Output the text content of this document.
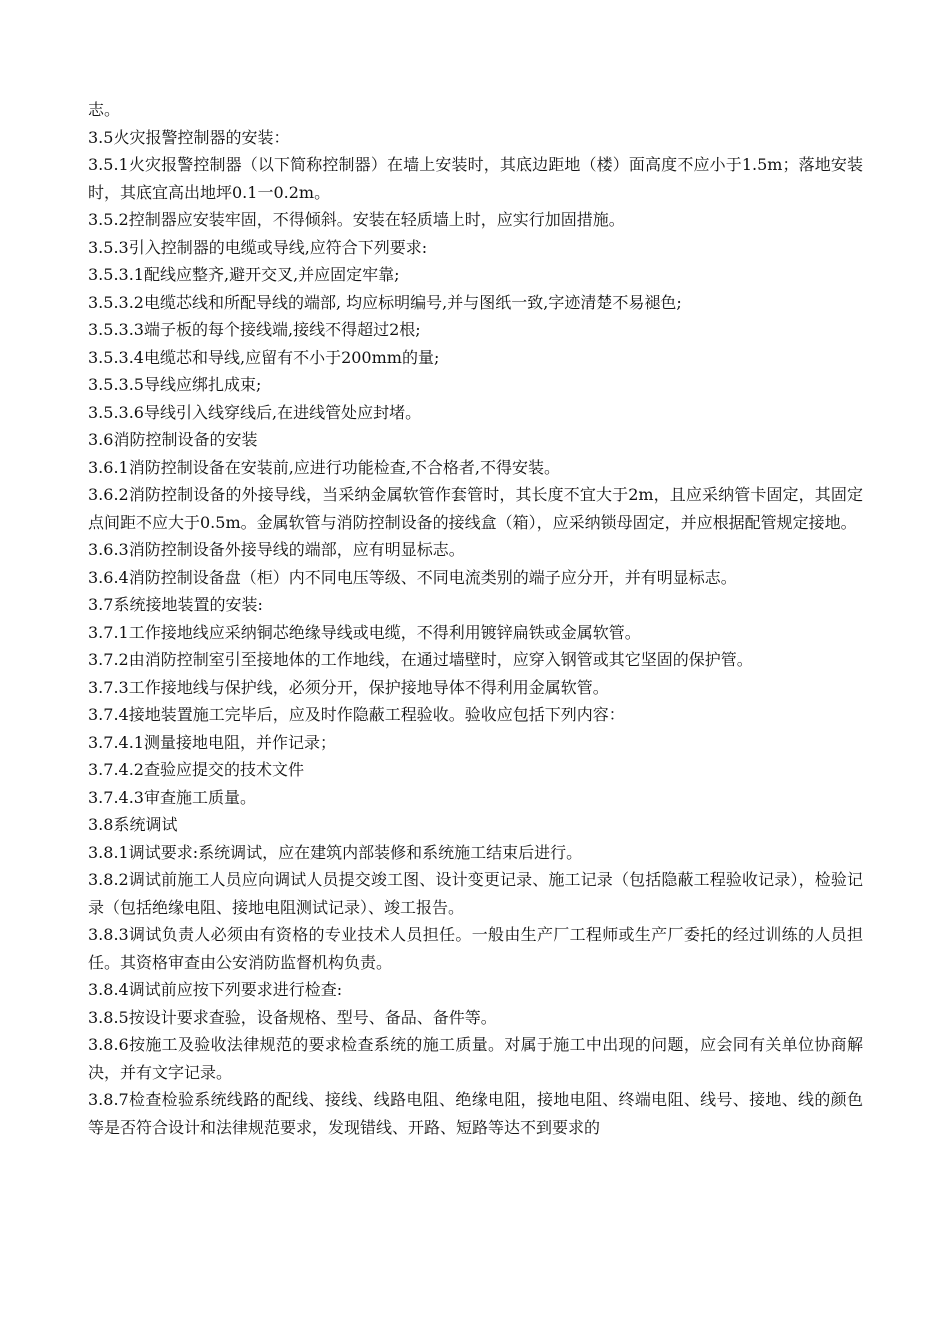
志。

3.5火灾报警控制器的安装：

3.5.1火灾报警控制器（以下简称控制器）在墙上安装时，其底边距地（楼）面高度不应小于1.5m；落地安装时，其底宜高出地坪0.1一0.2m。

3.5.2控制器应安装牢固，不得倾斜。安装在轻质墙上时，应实行加固措施。

3.5.3引入控制器的电缆或导线,应符合下列要求:

3.5.3.1配线应整齐,避开交叉,并应固定牢靠;

3.5.3.2电缆芯线和所配导线的端部, 均应标明编号,并与图纸一致,字迹清楚不易褪色;

3.5.3.3端子板的每个接线端,接线不得超过2根;

3.5.3.4电缆芯和导线,应留有不小于200mm的量;

3.5.3.5导线应绑扎成束;

3.5.3.6导线引入线穿线后,在进线管处应封堵。

3.6消防控制设备的安装

3.6.1消防控制设备在安装前,应进行功能检查,不合格者,不得安装。

3.6.2消防控制设备的外接导线，当采纳金属软管作套管时，其长度不宜大于2m，且应采纳管卡固定，其固定点间距不应大于0.5m。金属软管与消防控制设备的接线盒（箱），应采纳锁母固定，并应根据配管规定接地。

3.6.3消防控制设备外接导线的端部，应有明显标志。

3.6.4消防控制设备盘（柜）内不同电压等级、不同电流类别的端子应分开，并有明显标志。

3.7系统接地装置的安装:

3.7.1工作接地线应采纳铜芯绝缘导线或电缆，不得利用镀锌扁铁或金属软管。

3.7.2由消防控制室引至接地体的工作地线，在通过墙壁时，应穿入钢管或其它坚固的保护管。

3.7.3工作接地线与保护线，必须分开，保护接地导体不得利用金属软管。

3.7.4接地装置施工完毕后，应及时作隐蔽工程验收。验收应包括下列内容：

3.7.4.1测量接地电阻，并作记录；

3.7.4.2查验应提交的技术文件

3.7.4.3审查施工质量。

3.8系统调试

3.8.1调试要求:系统调试，应在建筑内部装修和系统施工结束后进行。

3.8.2调试前施工人员应向调试人员提交竣工图、设计变更记录、施工记录（包括隐蔽工程验收记录），检验记录（包括绝缘电阻、接地电阻测试记录）、竣工报告。

3.8.3调试负责人必须由有资格的专业技术人员担任。一般由生产厂工程师或生产厂委托的经过训练的人员担任。其资格审查由公安消防监督机构负责。

3.8.4调试前应按下列要求进行检查:

3.8.5按设计要求查验，设备规格、型号、备品、备件等。

3.8.6按施工及验收法律规范的要求检查系统的施工质量。对属于施工中出现的问题，应会同有关单位协商解决，并有文字记录。

3.8.7检查检验系统线路的配线、接线、线路电阻、绝缘电阻，接地电阻、终端电阻、线号、接地、线的颜色等是否符合设计和法律规范要求，发现错线、开路、短路等达不到要求的
